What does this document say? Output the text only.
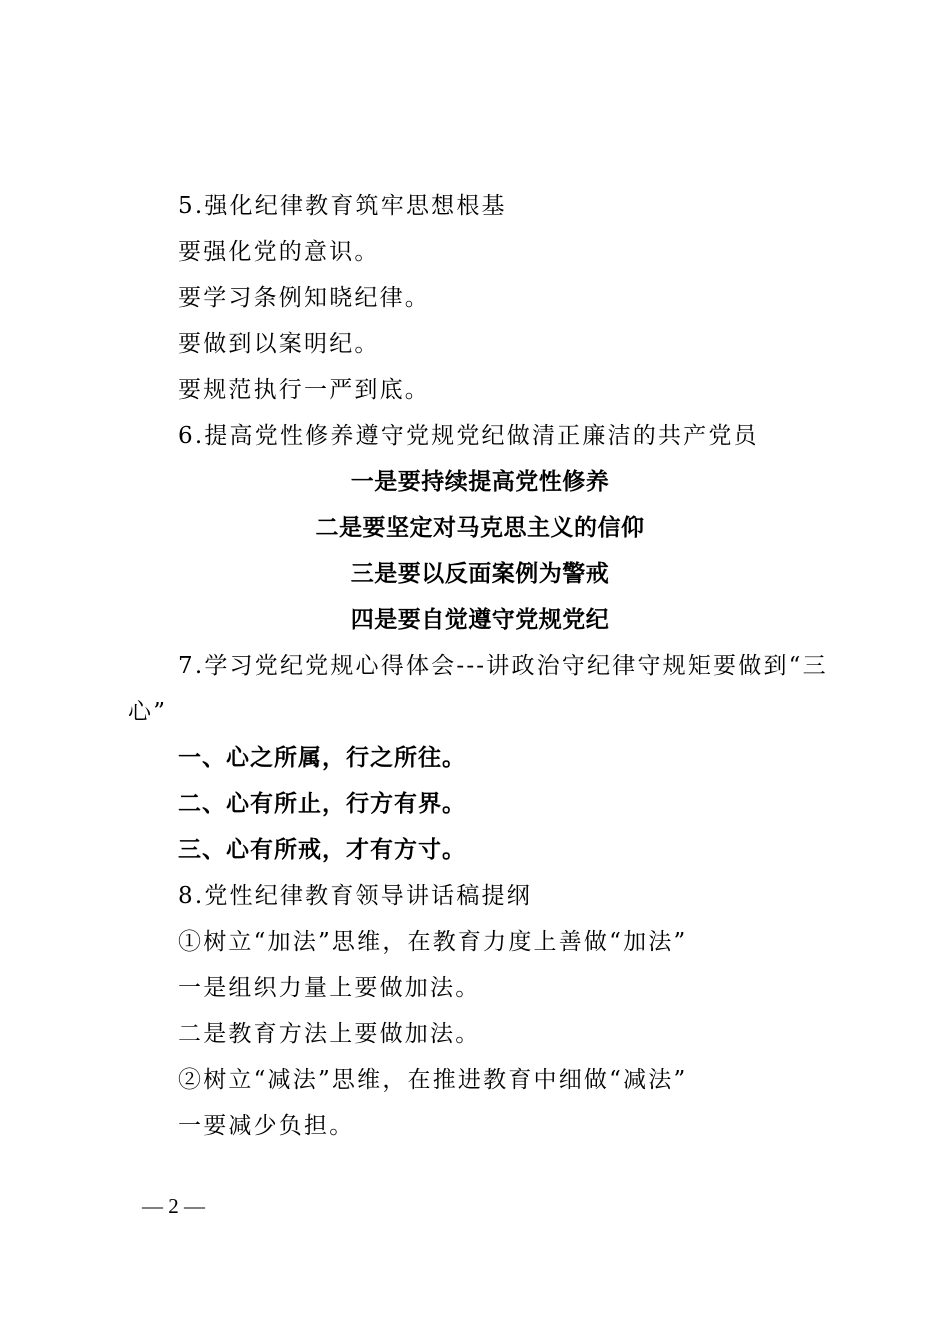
5.强化纪律教育筑牢思想根基
要强化党的意识。
要学习条例知晓纪律。
要做到以案明纪。
要规范执行一严到底。
6.提高党性修养遵守党规党纪做清正廉洁的共产党员
一是要持续提高党性修养
二是要坚定对马克思主义的信仰
三是要以反面案例为警戒
四是要自觉遵守党规党纪
7.学习党纪党规心得体会---讲政治守纪律守规矩要做到“三
心”
一、心之所属，行之所往。
二、心有所止，行方有界。
三、心有所戒，才有方寸。
8.党性纪律教育领导讲话稿提纲
①树立“加法”思维，在教育力度上善做“加法”
一是组织力量上要做加法。
二是教育方法上要做加法。
②树立“减法”思维，在推进教育中细做“减法”
一要减少负担。
— 2 —
